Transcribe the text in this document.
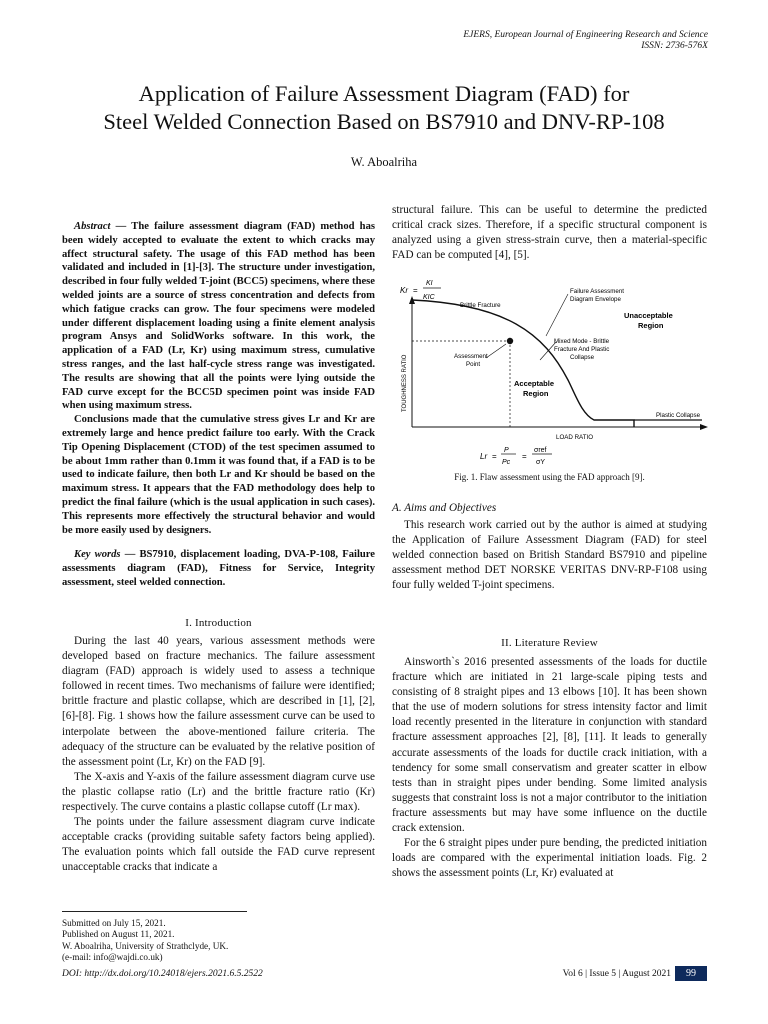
EJERS, European Journal of Engineering Research and Science
ISSN: 2736-576X
Application of Failure Assessment Diagram (FAD) for
Steel Welded Connection Based on BS7910 and DNV-RP-108
W. Aboalriha

Abstract — The failure assessment diagram (FAD) method has been widely accepted to evaluate the extent to which cracks may affect structural safety. The usage of this FAD method has been validated and included in [1]-[3]. The structure under investigation, described in four fully welded T-joint (BCC5) specimens, where these welded joints are a source of stress concentration and defects from which fatigue cracks can grow. The four specimens were modeled under different displacement loading using a finite element analysis program Ansys and SolidWorks software. In this work, the application of a FAD (Lr, Kr) using maximum stress, cumulative stress ranges, and the last half-cycle stress range was investigated. The results are showing that all the points were lying outside the FAD curve except for the BCC5D specimen point was inside FAD when using maximum stress.

Conclusions made that the cumulative stress gives Lr and Kr are extremely large and hence predict failure too early. With the Crack Tip Opening Displacement (CTOD) of the test specimen assumed to be about 1mm rather than 0.1mm it was found that, if a FAD is to be used to indicate failure, then both Lr and Kr should be based on the maximum stress. It appears that the FAD methodology does help to predict the final failure (which is the usual application in such cases). This represents more effectively the structural behavior and would be more easily used by designers.

Key words — BS7910, displacement loading, DVA-P-108, Failure assessments diagram (FAD), Fitness for Service, Integrity assessment, steel welded connection.
I. Introduction

During the last 40 years, various assessment methods were developed based on fracture mechanics. The failure assessment diagram (FAD) approach is widely used to assess a technique followed in recent times. Two mechanisms of failure were identified; brittle fracture and plastic collapse, which are described in [1], [2], [6]-[8]. Fig. 1 shows how the failure assessment curve can be used to interpolate between the above-mentioned failure criteria. The adequacy of the structure can be evaluated by the relative position of the assessment point (Lr, Kr) on the FAD [9].

The X-axis and Y-axis of the failure assessment diagram curve use the plastic collapse ratio (Lr) and the brittle fracture ratio (Kr) respectively. The curve contains a plastic collapse cutoff (Lr max).

The points under the failure assessment diagram curve indicate acceptable cracks (providing suitable safety factors being applied). The evaluation points which fall outside the FAD curve represent unacceptable cracks that indicate a

Submitted on July 15, 2021.
Published on August 11, 2021.
W. Aboalriha, University of Strathclyde, UK.
(e-mail: info@wajdi.co.uk)

structural failure. This can be useful to determine the predicted critical crack sizes. Therefore, if a specific structural component is analyzed using a given stress-strain curve, then a material-specific FAD can be computed [4], [5].

Kr =
KI
KIC
Brittle Fracture
Failure Assessment
Diagram Envelope
Unacceptable
Region
Mixed Mode - Brittle
Fracture And Plastic
Collapse
Assessment
Point
Acceptable
Region
Plastic Collapse
TOUGHNESS RATIO
LOAD RATIO
Lr =
P
Pc
=
σref
σY
Fig. 1. Flaw assessment using the FAD approach [9].
A. Aims and Objectives

This research work carried out by the author is aimed at studying the Application of Failure Assessment Diagram (FAD) for steel welded connection based on British Standard BS7910 and pipeline assessment method DET NORSKE VERITAS DNV-RP-F108 using four fully welded T-joint specimens.

II. Literature Review

Ainsworth`s 2016 presented assessments of the loads for ductile fracture which are initiated in 21 large-scale piping tests and consisting of 8 straight pipes and 13 elbows [10]. It has been shown that the use of modern solutions for stress intensity factor and limit load recently presented in the literature in conjunction with standard fracture assessment approaches [2], [8], [11]. It leads to generally accurate assessments of the loads for ductile crack initiation, with a tendency for some small conservatism and greater scatter in elbow tests than in straight pipes under bending. Some limited analysis suggests that constraint loss is not a major contributor to the initiation fracture assessments but may have some influence on the ductile crack extension.

For the 6 straight pipes under pure bending, the predicted initiation loads are compared with the experimental initiation loads. Fig. 2 shows the assessment points (Lr, Kr) evaluated at

DOI: http://dx.doi.org/10.24018/ejers.2021.6.5.2522	Vol 6 | Issue 5 | August 2021	99
